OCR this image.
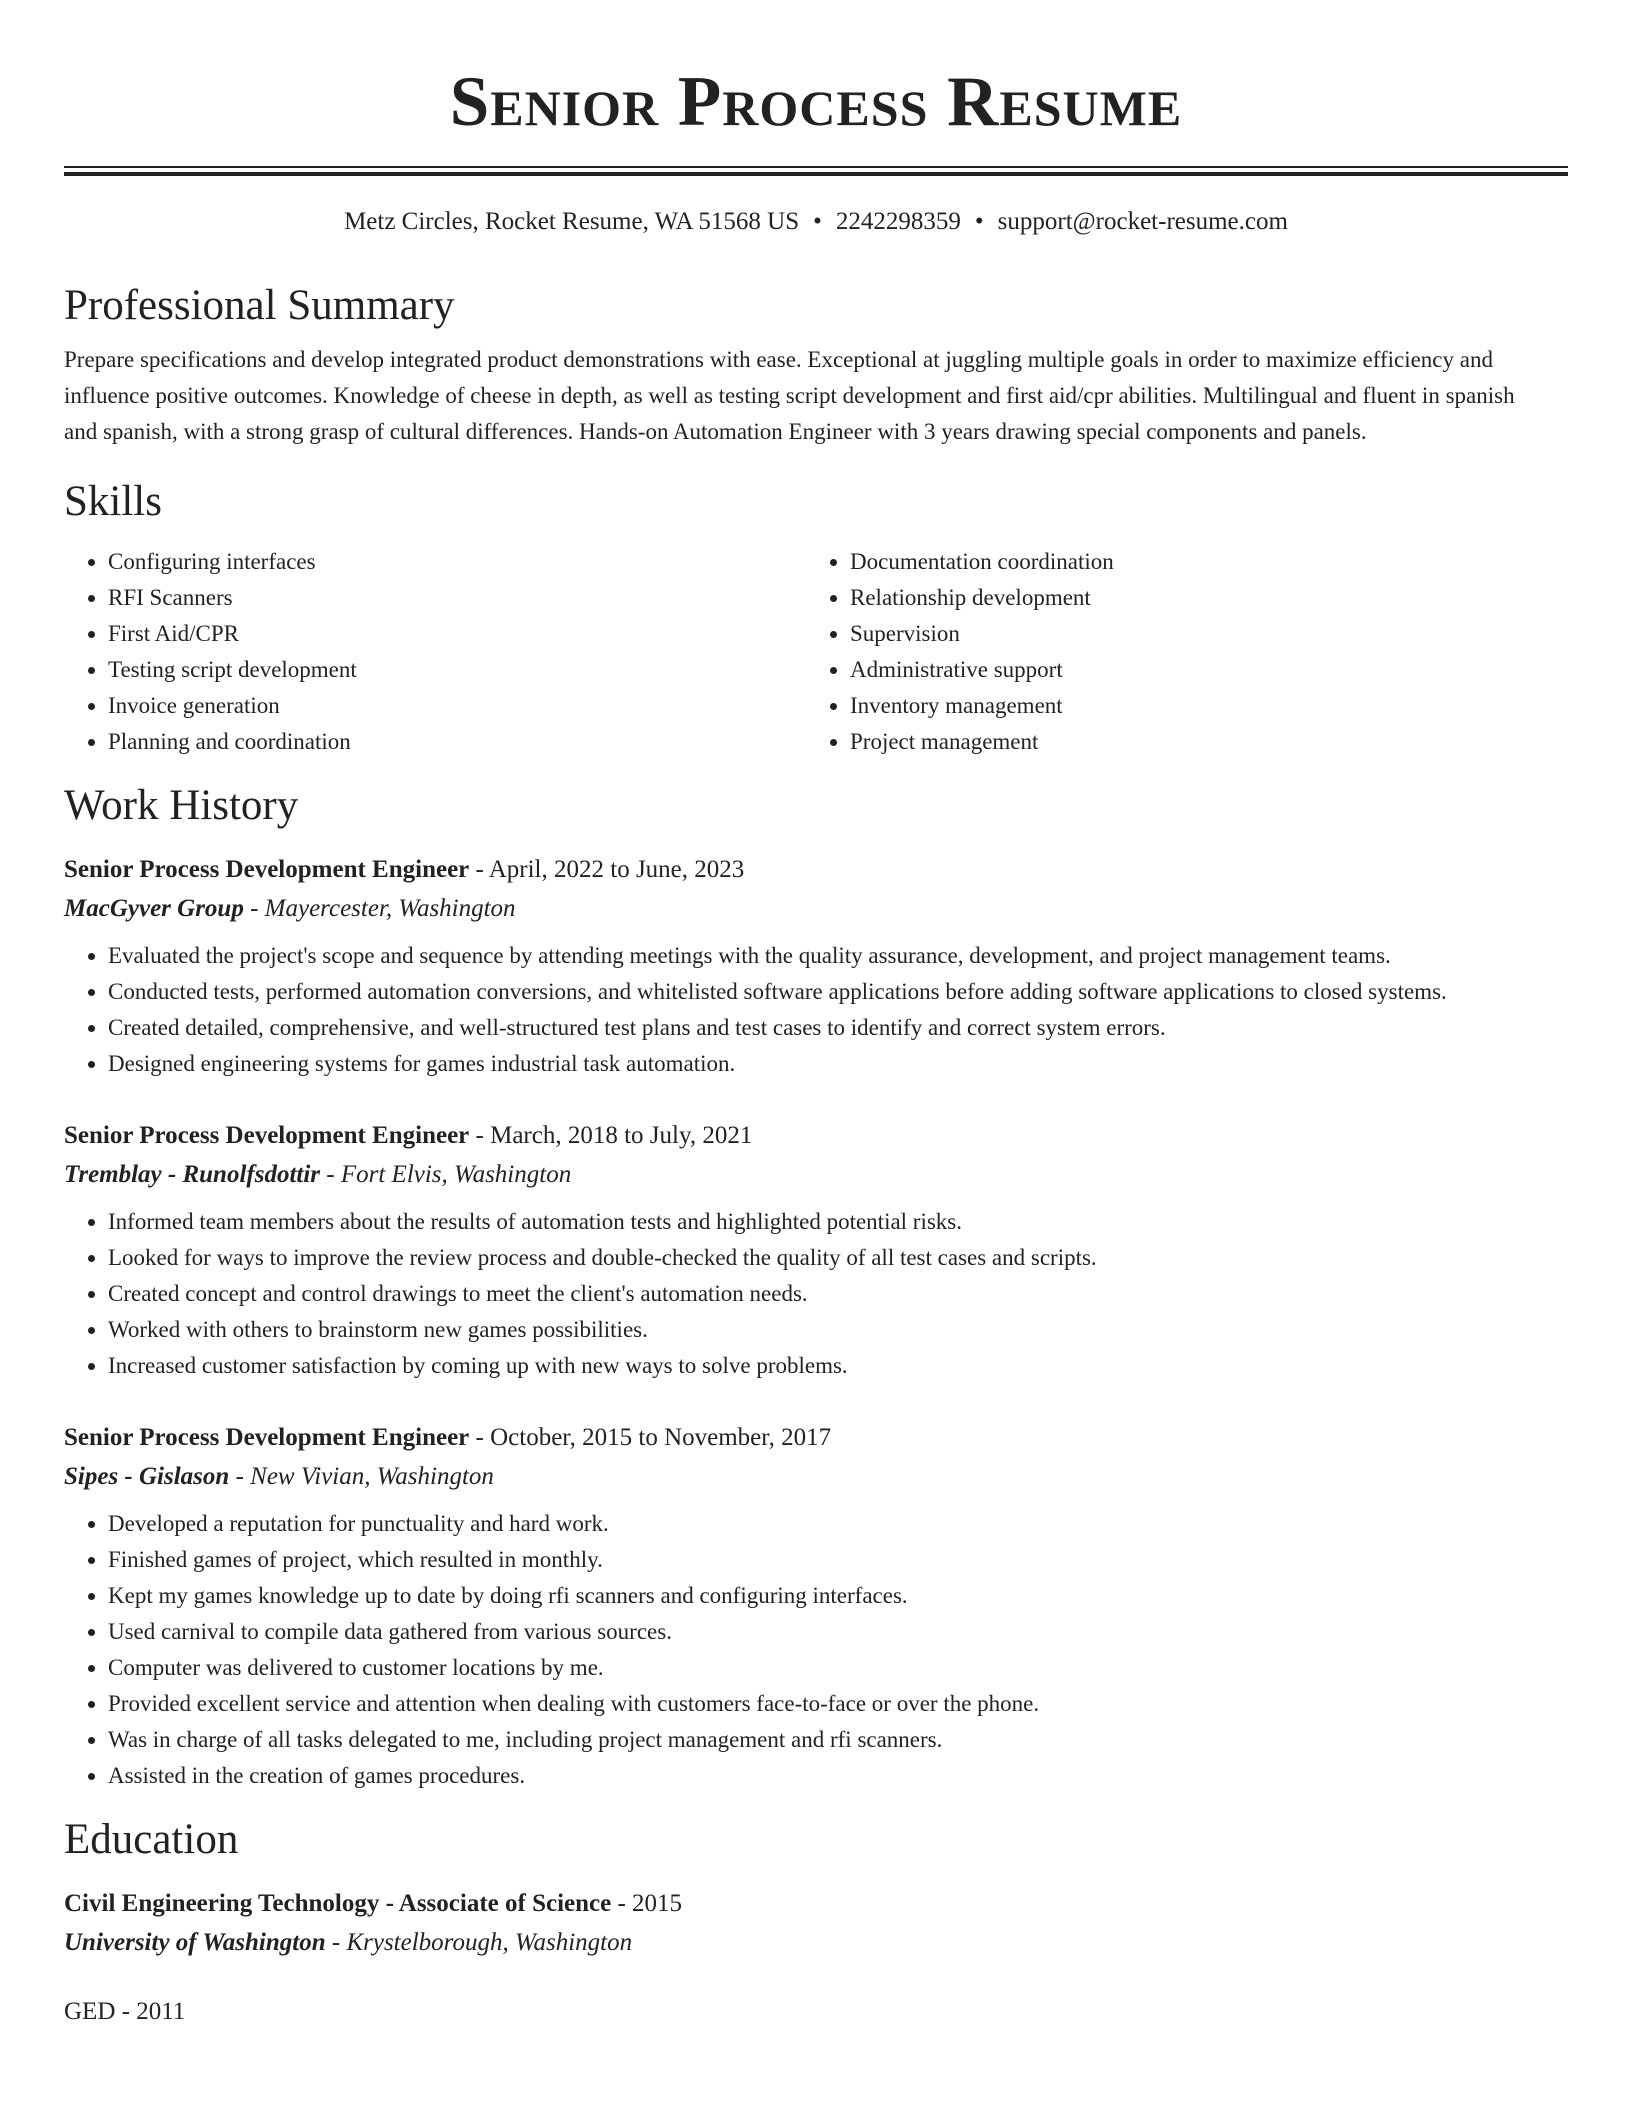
Senior Process Resume
Metz Circles, Rocket Resume, WA 51568 US • 2242298359 • support@rocket-resume.com
Professional Summary
Prepare specifications and develop integrated product demonstrations with ease. Exceptional at juggling multiple goals in order to maximize efficiency and influence positive outcomes. Knowledge of cheese in depth, as well as testing script development and first aid/cpr abilities. Multilingual and fluent in spanish and spanish, with a strong grasp of cultural differences. Hands-on Automation Engineer with 3 years drawing special components and panels.
Skills
• Configuring interfaces
• RFI Scanners
• First Aid/CPR
• Testing script development
• Invoice generation
• Planning and coordination
• Documentation coordination
• Relationship development
• Supervision
• Administrative support
• Inventory management
• Project management
Work History
Senior Process Development Engineer - April, 2022 to June, 2023
MacGyver Group - Mayercester, Washington
• Evaluated the project's scope and sequence by attending meetings with the quality assurance, development, and project management teams.
• Conducted tests, performed automation conversions, and whitelisted software applications before adding software applications to closed systems.
• Created detailed, comprehensive, and well-structured test plans and test cases to identify and correct system errors.
• Designed engineering systems for games industrial task automation.
Senior Process Development Engineer - March, 2018 to July, 2021
Tremblay - Runolfsdottir - Fort Elvis, Washington
• Informed team members about the results of automation tests and highlighted potential risks.
• Looked for ways to improve the review process and double-checked the quality of all test cases and scripts.
• Created concept and control drawings to meet the client's automation needs.
• Worked with others to brainstorm new games possibilities.
• Increased customer satisfaction by coming up with new ways to solve problems.
Senior Process Development Engineer - October, 2015 to November, 2017
Sipes - Gislason - New Vivian, Washington
• Developed a reputation for punctuality and hard work.
• Finished games of project, which resulted in monthly.
• Kept my games knowledge up to date by doing rfi scanners and configuring interfaces.
• Used carnival to compile data gathered from various sources.
• Computer was delivered to customer locations by me.
• Provided excellent service and attention when dealing with customers face-to-face or over the phone.
• Was in charge of all tasks delegated to me, including project management and rfi scanners.
• Assisted in the creation of games procedures.
Education
Civil Engineering Technology - Associate of Science - 2015
University of Washington - Krystelborough, Washington
GED - 2011
